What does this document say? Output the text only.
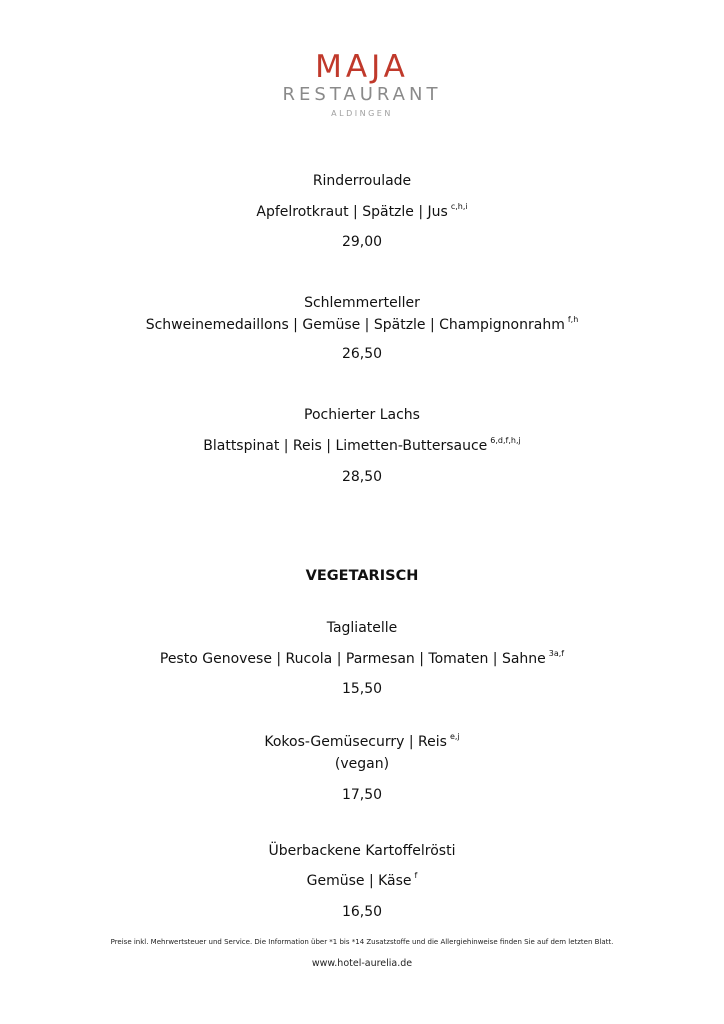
MAJA
RESTAURANT
ALDINGEN
Rinderroulade
Apfelrotkraut | Spätzle | Jus $^{c,h,i}$
29,00
Schlemmerteller
Schweinemedaillons | Gemüse | Spätzle | Champignonrahm $^{f,h}$
26,50
Pochierter Lachs
Blattspinat | Reis | Limetten-Buttersauce $^{6,d,f,h,j}$
28,50
VEGETARISCH
Tagliatelle
Pesto Genovese | Rucola | Parmesan | Tomaten | Sahne $^{3a,f}$
15,50
Kokos-Gemüsecurry | Reis $^{e,j}$
(vegan)
17,50
Überbackene Kartoffelrösti
Gemüse | Käse $^f$
16,50
Preise inkl. Mehrwertsteuer und Service. Die Information über *1 bis *14 Zusatzstoffe und die Allergiehinweise finden Sie auf dem letzten Blatt.
www.hotel-aurelia.de
